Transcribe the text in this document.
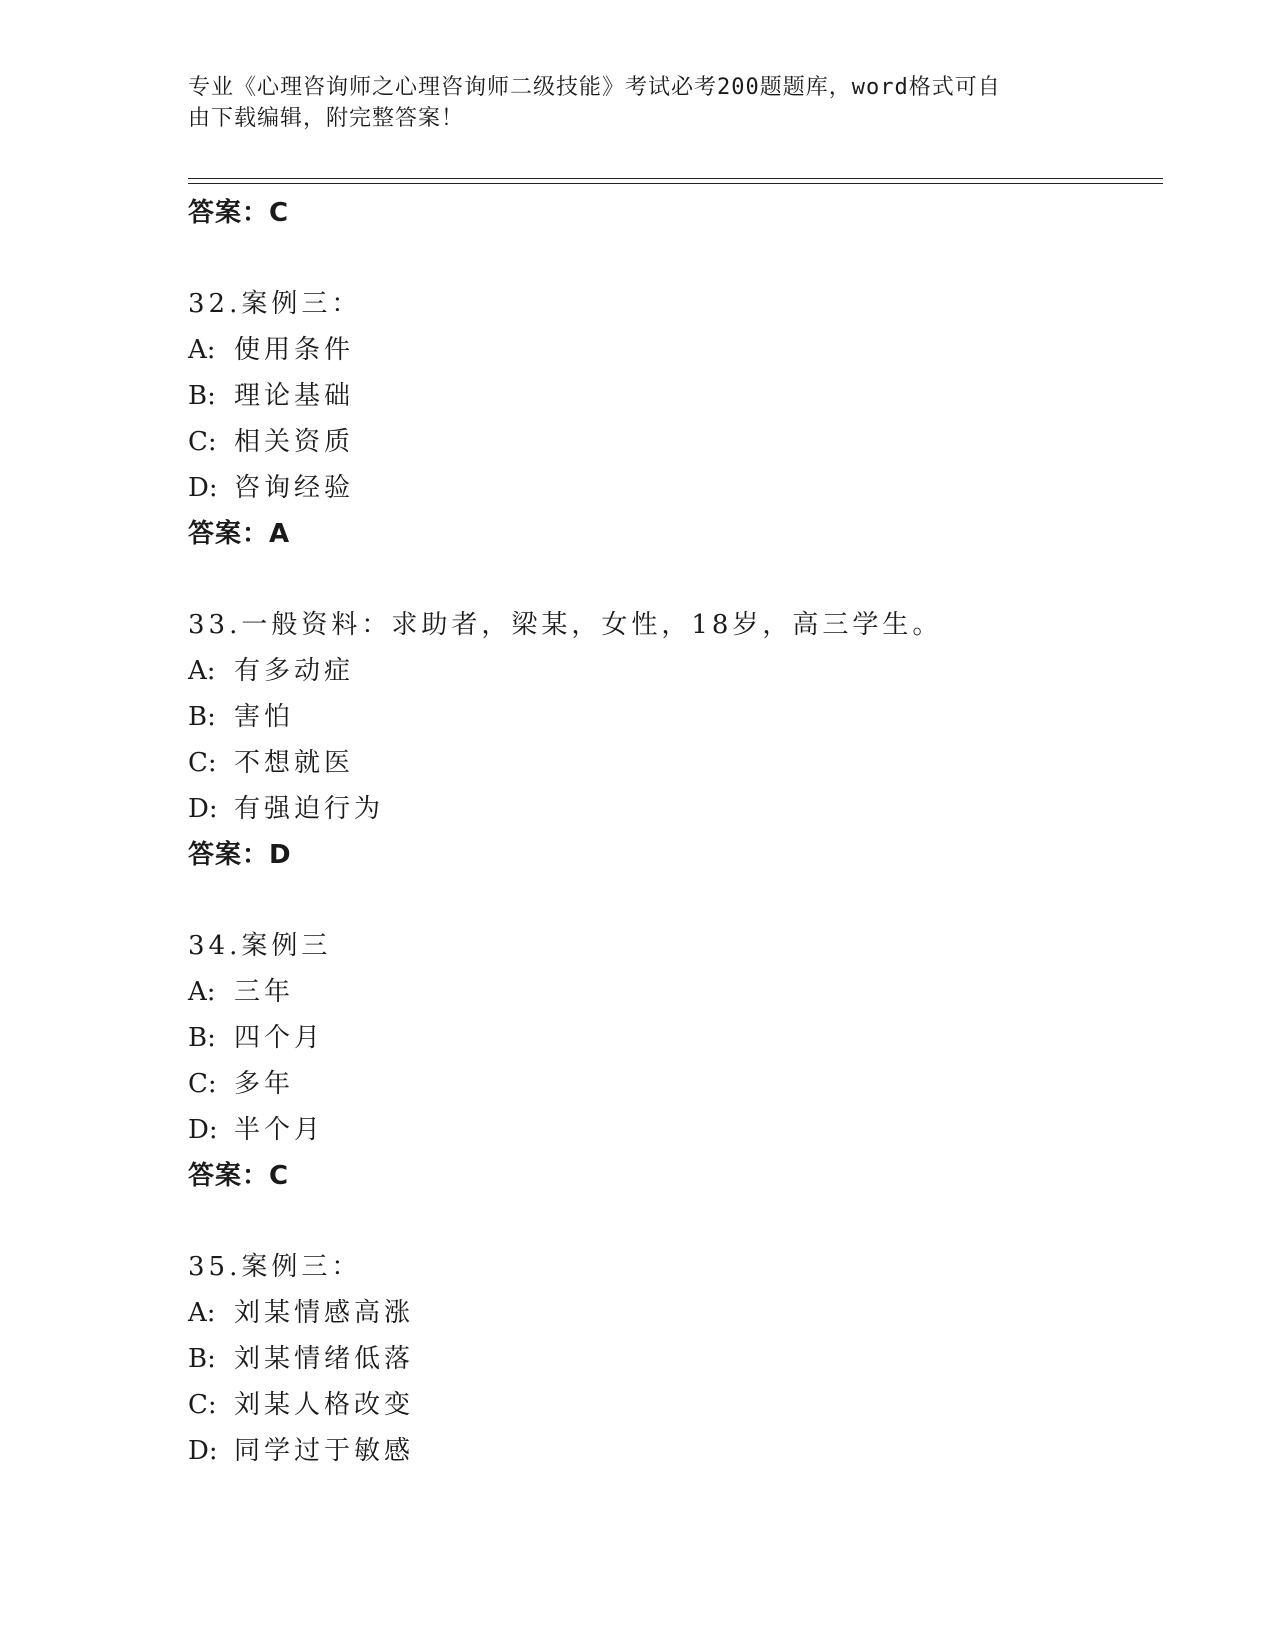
专业《心理咨询师之心理咨询师二级技能》考试必考200题题库，word格式可自
由下载编辑，附完整答案！
答案：C
32.案例三：
A: 使用条件
B: 理论基础
C: 相关资质
D: 咨询经验
答案：A
33.一般资料：求助者，梁某，女性，18岁，高三学生。
A: 有多动症
B: 害怕
C: 不想就医
D: 有强迫行为
答案：D
34.案例三
A: 三年
B: 四个月
C: 多年
D: 半个月
答案：C
35.案例三：
A: 刘某情感高涨
B: 刘某情绪低落
C: 刘某人格改变
D: 同学过于敏感
